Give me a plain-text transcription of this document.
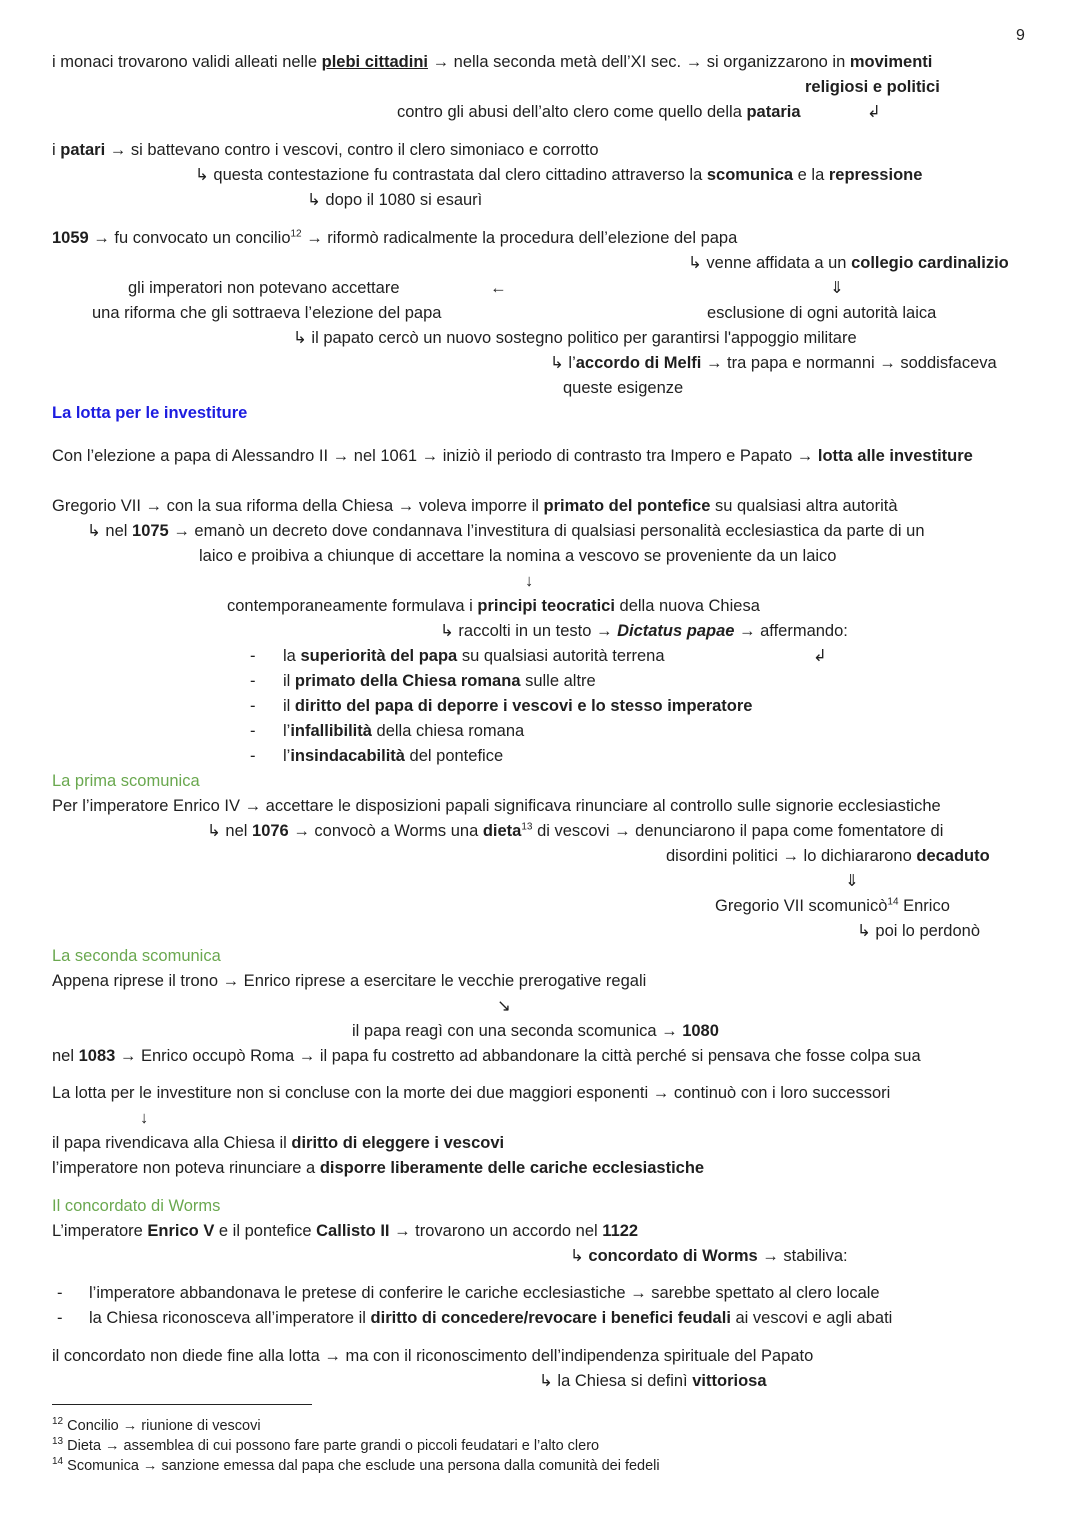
9
i monaci trovarono validi alleati nelle plebi cittadini → nella seconda metà dell’XI sec. → si organizzarono in movimenti
religiosi e politici
contro gli abusi dell’alto clero come quello della pataria	↲
i patari → si battevano contro i vescovi, contro il clero simoniaco e corrotto
↳ questa contestazione fu contrastata dal clero cittadino attraverso la scomunica e la repressione
↳ dopo il 1080 si esaurì
1059 → fu convocato un concilio$^{12}$ → riformò radicalmente la procedura dell’elezione del papa
↳ venne affidata a un collegio cardinalizio
gli imperatori non potevano accettare	←	⇓
una riforma che gli sottraeva l’elezione del papa	esclusione di ogni autorità laica
↳ il papato cercò un nuovo sostegno politico per garantirsi l'appoggio militare
↳ l’accordo di Melfi → tra papa e normanni → soddisfaceva
queste esigenze
La lotta per le investiture
Con l’elezione a papa di Alessandro II → nel 1061 → iniziò il periodo di contrasto tra Impero e Papato → lotta alle investiture
Gregorio VII → con la sua riforma della Chiesa → voleva imporre il primato del pontefice su qualsiasi altra autorità
↳ nel 1075 → emanò un decreto dove condannava l’investitura di qualsiasi personalità ecclesiastica da parte di un
laico e proibiva a chiunque di accettare la nomina a vescovo se proveniente da un laico
↓
contemporaneamente formulava i principi teocratici della nuova Chiesa
↳ raccolti in un testo → Dictatus papae → affermando:
- la superiorità del papa su qualsiasi autorità terrena	↲
- il primato della Chiesa romana sulle altre
- il diritto del papa di deporre i vescovi e lo stesso imperatore
- l’infallibilità della chiesa romana
- l’insindacabilità del pontefice
La prima scomunica
Per l’imperatore Enrico IV → accettare le disposizioni papali significava rinunciare al controllo sulle signorie ecclesiastiche
↳ nel 1076 → convocò a Worms una dieta$^{13}$ di vescovi → denunciarono il papa come fomentatore di
disordini politici → lo dichiararono decaduto
⇓
Gregorio VII scomunicò$^{14}$ Enrico
↳ poi lo perdonò
La seconda scomunica
Appena riprese il trono → Enrico riprese a esercitare le vecchie prerogative regali
↘
il papa reagì con una seconda scomunica → 1080
nel 1083 → Enrico occupò Roma → il papa fu costretto ad abbandonare la città perché si pensava che fosse colpa sua
La lotta per le investiture non si concluse con la morte dei due maggiori esponenti → continuò con i loro successori
↓
il papa rivendicava alla Chiesa il diritto di eleggere i vescovi
l’imperatore non poteva rinunciare a disporre liberamente delle cariche ecclesiastiche
Il concordato di Worms
L’imperatore Enrico V e il pontefice Callisto II → trovarono un accordo nel 1122
↳ concordato di Worms → stabiliva:
- l’imperatore abbandonava le pretese di conferire le cariche ecclesiastiche → sarebbe spettato al clero locale
- la Chiesa riconosceva all’imperatore il diritto di concedere/revocare i benefici feudali ai vescovi e agli abati
il concordato non diede fine alla lotta → ma con il riconoscimento dell’indipendenza spirituale del Papato
↳ la Chiesa si definì vittoriosa
$^{12}$ Concilio → riunione di vescovi
$^{13}$ Dieta → assemblea di cui possono fare parte grandi o piccoli feudatari e l’alto clero
$^{14}$ Scomunica → sanzione emessa dal papa che esclude una persona dalla comunità dei fedeli
